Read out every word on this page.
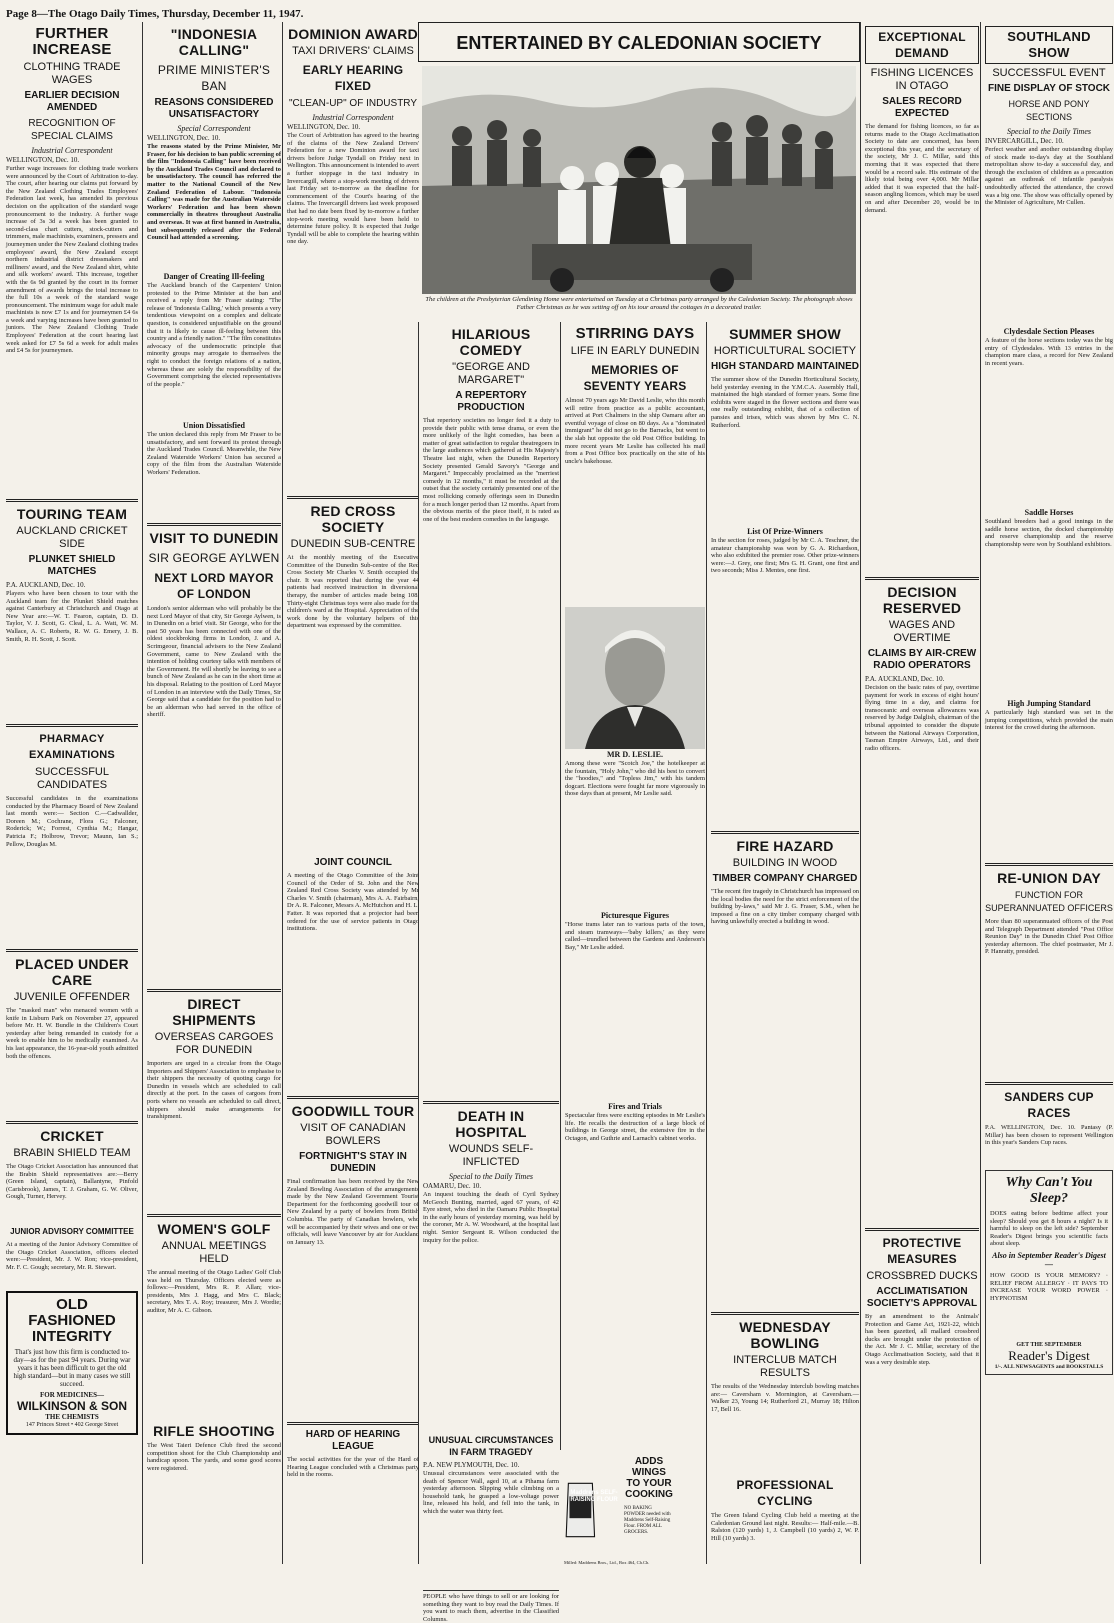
Page 8—The Otago Daily Times, Thursday, December 11, 1947.
FURTHER INCREASE
CLOTHING TRADE WAGES
EARLIER DECISION AMENDED
RECOGNITION OF SPECIAL CLAIMS
Industrial Correspondent
WELLINGTON, Dec. 10.
Further wage increases for clothing trade workers were announced by the Court of Arbitration to-day. The court, after hearing our claims put forward by the New Zealand Clothing Trades Employees' Federation last week, has amended its previous decision on the application of the standard wage pronouncement to the industry. A further wage increase of 3s 3d a week has been granted to second-class chart cutters, stock-cutters and trimmers, male machinists, examiners, pressers and journeymen under the New Zealand clothing trades employees' award, the New Zealand except northern industrial district dressmakers and milliners' award, and the New Zealand shirt, white and silk workers' award. This increase, together with the 6s 9d granted by the court in its former amendment of awards brings the total increase to the full 10s a week of the standard wage pronouncement. The minimum wage for adult male machinists is now £7 1s and for journeymen £4 6s a week and varying increases have been granted to juniors. The New Zealand Clothing Trade Employees' Federation at the court hearing last week asked for £7 5s 6d a week for adult males and £4 5s for journeymen.
TOURING TEAM
AUCKLAND CRICKET SIDE
PLUNKET SHIELD MATCHES
P.A. AUCKLAND, Dec. 10.
Players who have been chosen to tour with the Auckland team for the Plunket Shield matches against Canterbury at Christchurch and Otago at New Year are:—W. T. Fearon, captain, D. D. Taylor, V. J. Scott, G. Cleal, L. A. Watt, W. M. Wallace, A. C. Roberts, R. W. G. Emery, J. B. Smith, R. H. Scott, J. Scott.
PHARMACY EXAMINATIONS
SUCCESSFUL CANDIDATES
Successful candidates in the examinations conducted by the Pharmacy Board of New Zealand last month were:— Section C.—Cadwallder, Doreen M.; Cochrane, Flora G.; Falconer, Roderick; W.; Forrest, Cynthia M.; Hangar, Patricia F.; Holbrow, Trevor; Maunn, Ian S.; Pellow, Douglas M.
PLACED UNDER CARE
JUVENILE OFFENDER
The "masked man" who menaced women with a knife in Lisburn Park on November 27, appeared before Mr. H. W. Bundle in the Children's Court yesterday after being remanded in custody for a week to enable him to be medically examined. As his last appearance, the 16-year-old youth admitted both the offences.
CRICKET
BRABIN SHIELD TEAM
The Otago Cricket Association has announced that the Brabin Shield representatives are:—Berry (Green Island, captain), Ballantyne, Pinfold (Carisbrook), James, T. J. Graham, G. W. Oliver, Gough, Turner, Hervey.
JUNIOR ADVISORY COMMITTEE
At a meeting of the Junior Advisory Committee of the Otago Cricket Association, officers elected were:—President, Mr. J. W. Ron; vice-president, Mr. F. C. Gough; secretary, Mr. R. Stewart.
OLD FASHIONED INTEGRITY
That's just how this firm is conducted to-day—as for the past 94 years. During war years it has been difficult to get the old high standard—but in many cases we still succeed.
FOR MEDICINES—
WILKINSON & SON
THE CHEMISTS
147 Princes Street • 402 George Street
"INDONESIA CALLING"
PRIME MINISTER'S BAN
REASONS CONSIDERED UNSATISFACTORY
Special Correspondent
WELLINGTON, Dec. 10.
The reasons stated by the Prime Minister, Mr Fraser, for his decision to ban public screening of the film "Indonesia Calling" have been received by the Auckland Trades Council and declared to be unsatisfactory. The council has referred the matter to the National Council of the New Zealand Federation of Labour. "Indonesia Calling" was made for the Australian Waterside Workers' Federation and has been shown commercially in theatres throughout Australia and overseas. It was at first banned in Australia, but subsequently released after the Federal Council had attended a screening.
Danger of Creating Ill-feeling
The Auckland branch of the Carpenters' Union protested to the Prime Minister at the ban and received a reply from Mr Fraser stating: "The release of 'Indonesia Calling,' which presents a very tendentious viewpoint on a complex and delicate question, is considered unjustifiable on the ground that it is likely to cause ill-feeling between this country and a friendly nation." "The film constitutes advocacy of the undemocratic principle that minority groups may arrogate to themselves the right to conduct the foreign relations of a nation, whereas these are solely the responsibility of the Government comprising the elected representatives of the people."
Union Dissatisfied
The union declared this reply from Mr Fraser to be unsatisfactory, and sent forward its protest through the Auckland Trades Council. Meanwhile, the New Zealand Waterside Workers' Union has secured a copy of the film from the Australian Waterside Workers' Federation.
VISIT TO DUNEDIN
SIR GEORGE AYLWEN
NEXT LORD MAYOR OF LONDON
London's senior alderman who will probably be the next Lord Mayor of that city, Sir George Aylwen, is in Dunedin on a brief visit. Sir George, who for the past 50 years has been connected with one of the oldest stockbroking firms in London, J. and A. Scrimgeour, financial advisers to the New Zealand Government, came to New Zealand with the intention of holding courtesy talks with members of the Government. He will shortly be leaving to see a bunch of New Zealand as he can in the short time at his disposal. Relating to the position of Lord Mayor of London in an interview with the Daily Times, Sir George said that a candidate for the position had to be an alderman who had served in the office of sheriff.
DIRECT SHIPMENTS
OVERSEAS CARGOES FOR DUNEDIN
Importers are urged in a circular from the Otago Importers and Shippers' Association to emphasise to their shippers the necessity of quoting cargo for Dunedin in vessels which are scheduled to call directly at the port. In the cases of cargoes from ports where no vessels are scheduled to call direct, shippers should make arrangements for transhipment.
WOMEN'S GOLF
ANNUAL MEETINGS HELD
The annual meeting of the Otago Ladies' Golf Club was held on Thursday. Officers elected were as follows:—President, Mrs R. P. Allan; vice-presidents, Mrs J. Hagg, and Mrs C. Black; secretary, Mrs T. A. Roy; treasurer, Mrs J. Wordie; auditor, Mr A. C. Gibson.
RIFLE SHOOTING
The West Taieri Defence Club fired the second competition shoot for the Club Championship and handicap spoon. The yards, and some good scores were registered.
DOMINION AWARD
TAXI DRIVERS' CLAIMS
EARLY HEARING FIXED
"CLEAN-UP" OF INDUSTRY
Industrial Correspondent
WELLINGTON, Dec. 10.
The Court of Arbitration has agreed to the hearing of the claims of the New Zealand Drivers' Federation for a new Dominion award for taxi drivers before Judge Tyndall on Friday next in Wellington. This announcement is intended to avert a further stoppage in the taxi industry in Invercargill, where a stop-work meeting of drivers last Friday set to-morrow as the deadline for commencement of the Court's hearing of the claims. The Invercargill drivers last week proposed that had no date been fixed by to-morrow a further stop-work meeting would have been held to determine future policy. It is expected that Judge Tyndall will be able to complete the hearing within one day.
RED CROSS SOCIETY
DUNEDIN SUB-CENTRE
At the monthly meeting of the Executive Committee of the Dunedin Sub-centre of the Red Cross Society Mr Charles V. Smith occupied the chair. It was reported that during the year 44 patients had received instruction in diversional therapy, the number of articles made being 108. Thirty-eight Christmas toys were also made for the children's ward at the Hospital. Appreciation of the work done by the voluntary helpers of this department was expressed by the committee.
JOINT COUNCIL
A meeting of the Otago Committee of the Joint Council of the Order of St. John and the New Zealand Red Cross Society was attended by Mr Charles V. Smith (chairman), Mrs A. A. Fairbairn, Dr A. R. Falconer, Messrs A. McHutchon and H. L. Fatter. It was reported that a projector had been ordered for the use of service patients in Otago institutions.
GOODWILL TOUR
VISIT OF CANADIAN BOWLERS
FORTNIGHT'S STAY IN DUNEDIN
Final confirmation has been received by the New Zealand Bowling Association of the arrangements made by the New Zealand Government Tourist Department for the forthcoming goodwill tour of New Zealand by a party of bowlers from British Columbia. The party of Canadian bowlers, who will be accompanied by their wives and one or two officials, will leave Vancouver by air for Auckland on January 13.
HARD OF HEARING LEAGUE
The social activities for the year of the Hard of Hearing League concluded with a Christmas party held in the rooms.
ENTERTAINED BY CALEDONIAN SOCIETY
The children at the Presbyterian Glendining Home were entertained on Tuesday at a Christmas party arranged by the Caledonian Society. The photograph shows Father Christmas as he was setting off on his tour around the cottages in a decorated trailer.
HILARIOUS COMEDY
"GEORGE AND MARGARET"
A REPERTORY PRODUCTION
That repertory societies no longer feel it a duty to provide their public with tense drama, or even the more unlikely of the light comedies, has been a matter of great satisfaction to regular theatregoers in the large audiences which gathered at His Majesty's Theatre last night, when the Dunedin Repertory Society presented Gerald Savory's "George and Margaret." Impeccably proclaimed as the "merriest comedy in 12 months," it must be recorded at the outset that the society certainly presented one of the most rollicking comedy offerings seen in Dunedin for a much longer period than 12 months. Apart from the obvious merits of the piece itself, it is rated as one of the best modern comedies in the language.
DEATH IN HOSPITAL
WOUNDS SELF-INFLICTED
Special to the Daily Times
OAMARU, Dec. 10.
An inquest touching the death of Cyril Sydney McGeoch Bunting, married, aged 67 years, of 42 Eyre street, who died in the Oamaru Public Hospital in the early hours of yesterday morning, was held by the coroner, Mr A. W. Woodward, at the hospital last night. Senior Sergeant R. Wilson conducted the inquiry for the police.
UNUSUAL CIRCUMSTANCES IN FARM TRAGEDY
P.A. NEW PLYMOUTH, Dec. 10.
Unusual circumstances were associated with the death of Spencer Wall, aged 10, at a Pihama farm yesterday afternoon. Slipping while climbing on a household tank, he grasped a low-voltage power line, released his hold, and fell into the tank, in which the water was thirty feet.
PEOPLE who have things to sell or are looking for something they want to buy read the Daily Times. If you want to reach them, advertise in the Classified Columns.
STIRRING DAYS
LIFE IN EARLY DUNEDIN
MEMORIES OF SEVENTY YEARS
Almost 70 years ago Mr David Leslie, who this month will retire from practice as a public accountant, arrived at Port Chalmers in the ship Oamaru after an eventful voyage of close on 80 days. As a "dominated immigrant" he did not go to the Barracks, but went to the slab hut opposite the old Post Office building. In more recent years Mr Leslie has collected his mail from a Post Office box practically on the site of his uncle's bakehouse.
MR D. LESLIE.
Among these were "Scotch Joe," the hotelkeeper at the fountain, "Holy John," who did his best to convert the "hoodies," and "Topless Jim," with his tandem dogcart. Elections were fought far more vigorously in those days than at present, Mr Leslie said.
Picturesque Figures
"Horse trams later ran to various parts of the town, and steam tramways—'baby killers,' as they were called—trundled between the Gardens and Anderson's Bay," Mr Leslie added.
Fires and Trials
Spectacular fires were exciting episodes in Mr Leslie's life. He recalls the destruction of a large block of buildings in George street, the extensive fire in the Octagon, and Guthrie and Larnach's cabinet works.
Maddrens SELF-RAISING FLOUR
ADDS WINGS TO YOUR COOKING
NO BAKING POWDER needed with Maddrens Self-Raising Flour. FROM ALL GROCERS.
Milled: Maddrens Bros., Ltd., Box 464, Ch.Ch.
SUMMER SHOW
HORTICULTURAL SOCIETY
HIGH STANDARD MAINTAINED
The summer show of the Dunedin Horticultural Society, held yesterday evening in the Y.M.C.A. Assembly Hall, maintained the high standard of former years. Some fine exhibits were staged in the flower sections and there was one really outstanding exhibit, that of a collection of pansies and irises, which was shown by Mrs C. N. Rutherford.
List Of Prize-Winners
In the section for roses, judged by Mr C. A. Teschner, the amateur championship was won by G. A. Richardson, who also exhibited the premier rose. Other prize-winners were:—J. Grey, one first; Mrs G. H. Grant, one first and two seconds; Miss J. Mentes, one first.
FIRE HAZARD
BUILDING IN WOOD
TIMBER COMPANY CHARGED
"The recent fire tragedy in Christchurch has impressed on the local bodies the need for the strict enforcement of the building by-laws," said Mr J. G. Fraser, S.M., when he imposed a fine on a city timber company charged with having unlawfully erected a building in wood.
WEDNESDAY BOWLING
INTERCLUB MATCH RESULTS
The results of the Wednesday interclub bowling matches are:— Caversham v. Mornington, at Caversham.—Walker 23, Young 14; Rutherford 21, Murray 18; Hilton 17, Bell 16.
PROFESSIONAL CYCLING
The Green Island Cycling Club held a meeting at the Caledonian Ground last night. Results:— Half-mile.—B. Ralston (120 yards) 1, J. Campbell (10 yards) 2, W. P. Hill (10 yards) 3.
EXCEPTIONAL DEMAND
FISHING LICENCES IN OTAGO
SALES RECORD EXPECTED
The demand for fishing licences, so far as returns made to the Otago Acclimatisation Society to date are concerned, has been exceptional this year, and the secretary of the society, Mr J. C. Millar, said this morning that it was expected that there would be a record sale. His estimate of the likely total being over 4,000. Mr Millar added that it was expected that the half-season angling licences, which may be used on and after December 20, would be in demand.
DECISION RESERVED
WAGES AND OVERTIME
CLAIMS BY AIR-CREW RADIO OPERATORS
P.A. AUCKLAND, Dec. 10.
Decision on the basic rates of pay, overtime payment for work in excess of eight hours' flying time in a day, and claims for transoceanic and overseas allowances was reserved by Judge Dalglish, chairman of the tribunal appointed to consider the dispute between the National Airways Corporation, Tasman Empire Airways, Ltd., and their radio officers.
PROTECTIVE MEASURES
CROSSBRED DUCKS
ACCLIMATISATION SOCIETY'S APPROVAL
By an amendment to the Animals' Protection and Game Act, 1921-22, which has been gazetted, all mallard crossbred ducks are brought under the protection of the Act. Mr J. C. Millar, secretary of the Otago Acclimatisation Society, said that it was a very desirable step.
SOUTHLAND SHOW
SUCCESSFUL EVENT
FINE DISPLAY OF STOCK
HORSE AND PONY SECTIONS
Special to the Daily Times
INVERCARGILL, Dec. 10.
Perfect weather and another outstanding display of stock made to-day's day at the Southland metropolitan show to-day a successful day, and through the exclusion of children as a precaution against an outbreak of infantile paralysis undoubtedly affected the attendance, the crowd was a big one. The show was officially opened by the Minister of Agriculture, Mr Cullen.
Clydesdale Section Pleases
A feature of the horse sections today was the big entry of Clydesdales. With 13 entries in the champion mare class, a record for New Zealand in recent years.
Saddle Horses
Southland breeders had a good innings in the saddle horse section, the docked championship and reserve championship and the reserve championship were won by Southland exhibitors.
High Jumping Standard
A particularly high standard was set in the jumping competitions, which provided the main interest for the crowd during the afternoon.
RE-UNION DAY
FUNCTION FOR SUPERANNUATED OFFICERS
More than 80 superannuated officers of the Post and Telegraph Department attended "Post Office Reunion Day" in the Dunedin Chief Post Office yesterday afternoon. The chief postmaster, Mr J. P. Hanratty, presided.
SANDERS CUP RACES
P.A. WELLINGTON, Dec. 10. Pantasy (P. Millar) has been chosen to represent Wellington in this year's Sanders Cup races.
Why Can't You Sleep?
DOES eating before bedtime affect your sleep? Should you get 8 hours a night? Is it harmful to sleep on the left side? September Reader's Digest brings you scientific facts about sleep.
Also in September Reader's Digest—
HOW GOOD IS YOUR MEMORY? · RELIEF FROM ALLERGY · IT PAYS TO INCREASE YOUR WORD POWER · HYPNOTISM
GET THE SEPTEMBER
Reader's Digest
1/-. ALL NEWSAGENTS and BOOKSTALLS
